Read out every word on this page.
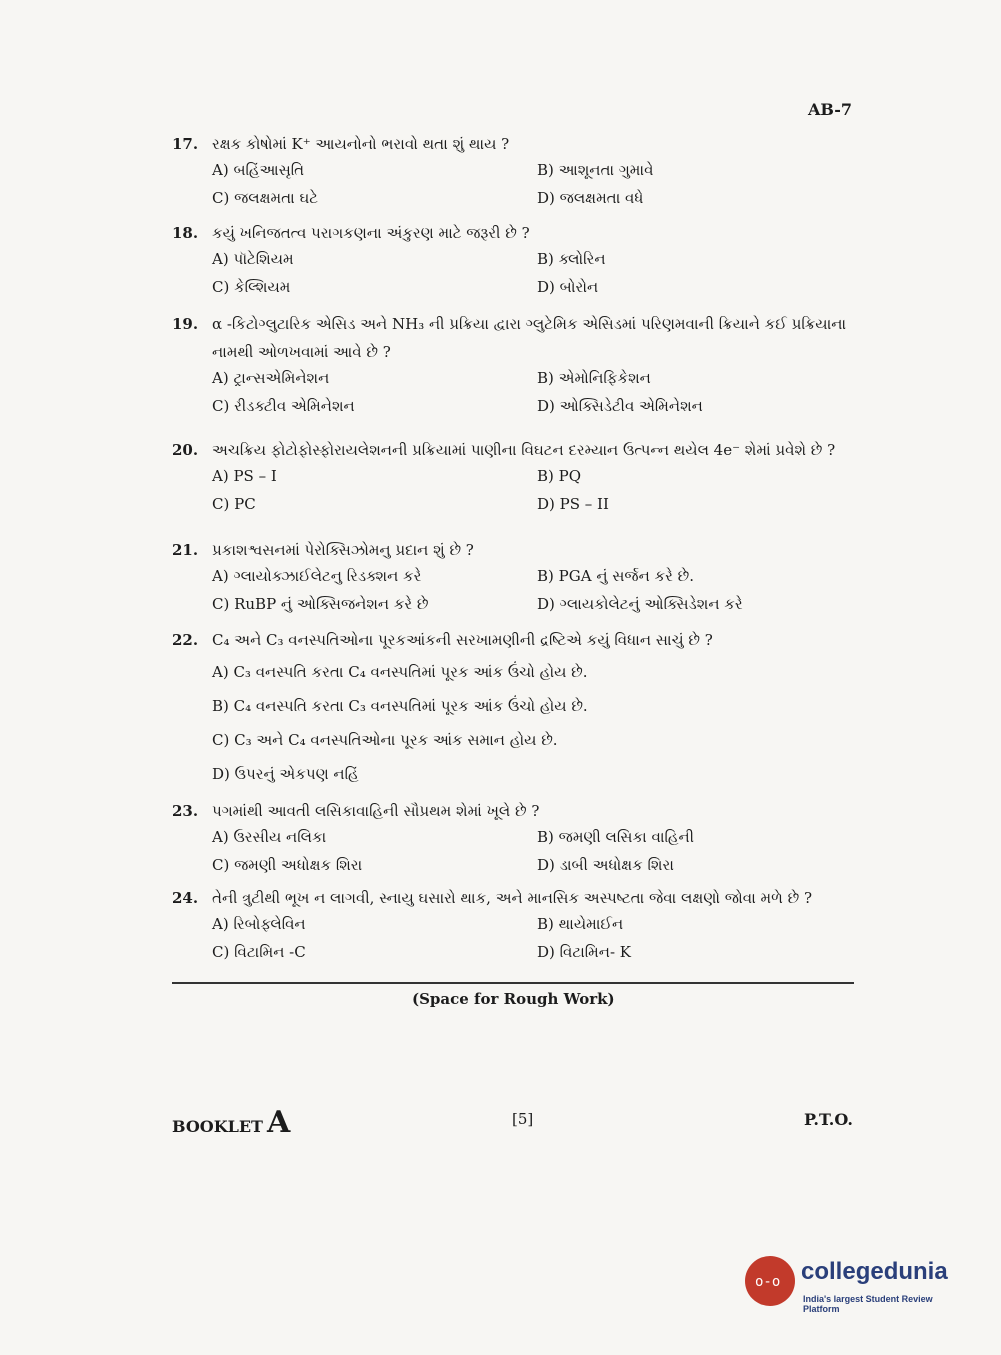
AB-7
17. રક્ષક કોષોમાં K⁺ આયનોનો ભરાવો થતા શું થાય ?
A) બહિંઆસૃતિ	B) આશૂનતા ગુમાવે
C) જલક્ષમતા ઘટે	D) જલક્ષમતા વધે
18. કયું ખનિજતત્વ પરાગકણના અંકુરણ માટે જરૂરી છે ?
A) પૉટેશિયમ	B) ક્લોરિન
C) કેલ્શિયમ	D) બોરોન
19. α -કિટોગ્લુટારિક એસિડ અને NH₃ ની પ્રક્રિયા દ્વારા ગ્લુટેમિક એસિડમાં પરિણમવાની ક્રિયાને કઈ પ્રક્રિયાના નામથી ઓળખવામાં આવે છે ?
A) ટ્રાન્સએમિનેશન	B) એમોનિફિકેશન
C) રીડક્ટીવ એમિનેશન	D) ઓક્સિડેટીવ એમિનેશન
20. અચક્રિય ફોટોફોસ્ફોરાયલેશનની પ્રક્રિયામાં પાણીના વિઘટન દરમ્યાન ઉત્પન્ન થયેલ 4e⁻ શેમાં પ્રવેશે છે ?
A) PS – I	B) PQ
C) PC	D) PS – II
21. પ્રકાશશ્વસનમાં પેરોક્સિઝોમનુ પ્રદાન શું છે ?
A) ગ્લાયોક્ઝાઈલેટનુ રિડક્શન કરે	B) PGA નું સર્જન કરે છે.
C) RuBP નું ઓક્સિજનેશન કરે છે	D) ગ્લાયકોલેટનું ઓક્સિડેશન કરે
22. C₄ અને C₃ વનસ્પતિઓના પૂરકઆંકની સરખામણીની દ્રષ્ટિએ કયું વિધાન સાચું છે ?
A) C₃ વનસ્પતિ કરતા C₄ વનસ્પતિમાં પૂરક આંક ઉંચો હોય છે.
B) C₄ વનસ્પતિ કરતા C₃ વનસ્પતિમાં પૂરક આંક ઉંચો હોય છે.
C) C₃ અને C₄ વનસ્પતિઓના પૂરક આંક સમાન હોય છે.
D) ઉપરનું એકપણ નહિં
23. પગમાંથી આવતી લસિકાવાહિની સૌપ્રથમ શેમાં ખૂલે છે ?
A) ઉરસીય નલિકા	B) જમણી લસિકા વાહિની
C) જમણી અધોક્ષક શિરા	D) ડાબી અધોક્ષક શિરા
24. તેની ત્રુટીથી ભૂખ ન લાગવી, સ્નાયુ ઘસારો થાક, અને માનસિક અસ્પષ્ટતા જેવા લક્ષણો જોવા મળે છે ?
A) રિબોફ્લેવિન	B) થાયેમાઈન
C) વિટામિન -C	D) વિટામિન- K
(Space for Rough Work)
BOOKLET A	[5]	P.T.O.
o-o collegedunia
India's largest Student Review Platform
